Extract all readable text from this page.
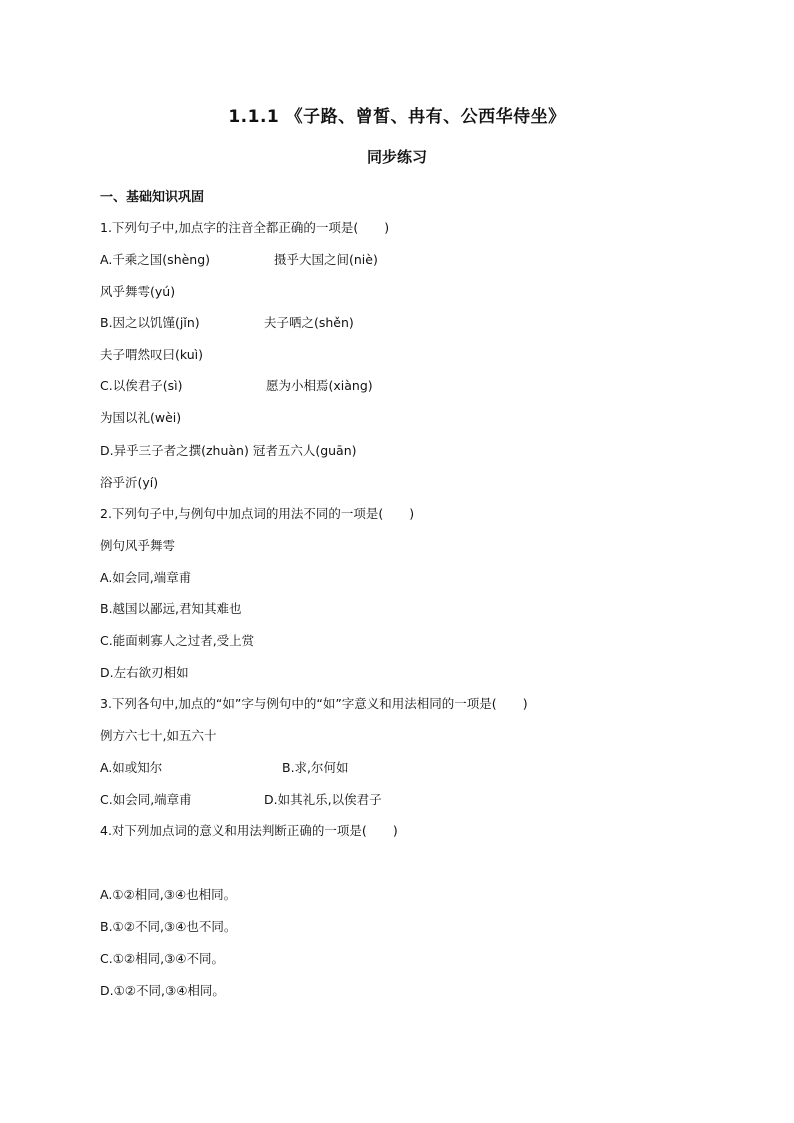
1.1.1 《子路、曾皙、冉有、公西华侍坐》
同步练习
一、基础知识巩固
1.下列句子中,加点字的注音全都正确的一项是( )
A.千乘之国(shèng)	摄乎大国之间(niè)
风乎舞雩(yú)
B.因之以饥馑(jǐn)	夫子哂之(shěn)
夫子喟然叹曰(kuì)
C.以俟君子(sì)	愿为小相焉(xiàng)
为国以礼(wèi)
D.异乎三子者之撰(zhuàn) 冠者五六人(guān)
浴乎沂(yí)
2.下列句子中,与例句中加点词的用法不同的一项是( )
例句风乎舞雩
A.如会同,端章甫
B.越国以鄙远,君知其难也
C.能面刺寡人之过者,受上赏
D.左右欲刃相如
3.下列各句中,加点的“如”字与例句中的“如”字意义和用法相同的一项是( )
例方六七十,如五六十
A.如或知尔	B.求,尔何如
C.如会同,端章甫	D.如其礼乐,以俟君子
4.对下列加点词的意义和用法判断正确的一项是( )
A.①②相同,③④也相同。
B.①②不同,③④也不同。
C.①②相同,③④不同。
D.①②不同,③④相同。
